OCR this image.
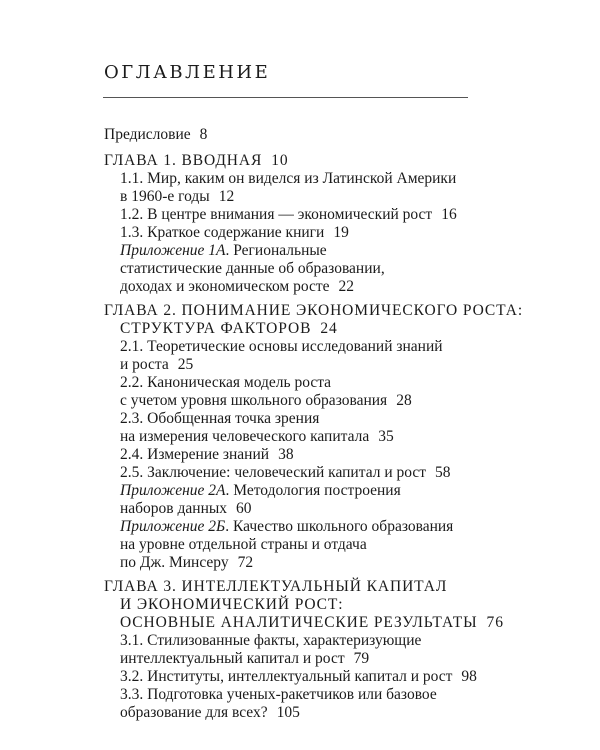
ОГЛАВЛЕНИЕ
Предисловие 8
ГЛАВА 1. ВВОДНАЯ 10
1.1. Мир, каким он виделся из Латинской Америки
в 1960-е годы 12
1.2. В центре внимания — экономический рост 16
1.3. Краткое содержание книги 19
Приложение 1А. Региональные
статистические данные об образовании,
доходах и экономическом росте 22
ГЛАВА 2. ПОНИМАНИЕ ЭКОНОМИЧЕСКОГО РОСТА:
СТРУКТУРА ФАКТОРОВ 24
2.1. Теоретические основы исследований знаний
и роста 25
2.2. Каноническая модель роста
с учетом уровня школьного образования 28
2.3. Обобщенная точка зрения
на измерения человеческого капитала 35
2.4. Измерение знаний 38
2.5. Заключение: человеческий капитал и рост 58
Приложение 2А. Методология построения
наборов данных 60
Приложение 2Б. Качество школьного образования
на уровне отдельной страны и отдача
по Дж. Минсеру 72
ГЛАВА 3. ИНТЕЛЛЕКТУАЛЬНЫЙ КАПИТАЛ
И ЭКОНОМИЧЕСКИЙ РОСТ:
ОСНОВНЫЕ АНАЛИТИЧЕСКИЕ РЕЗУЛЬТАТЫ 76
3.1. Стилизованные факты, характеризующие
интеллектуальный капитал и рост 79
3.2. Институты, интеллектуальный капитал и рост 98
3.3. Подготовка ученых-ракетчиков или базовое
образование для всех? 105
